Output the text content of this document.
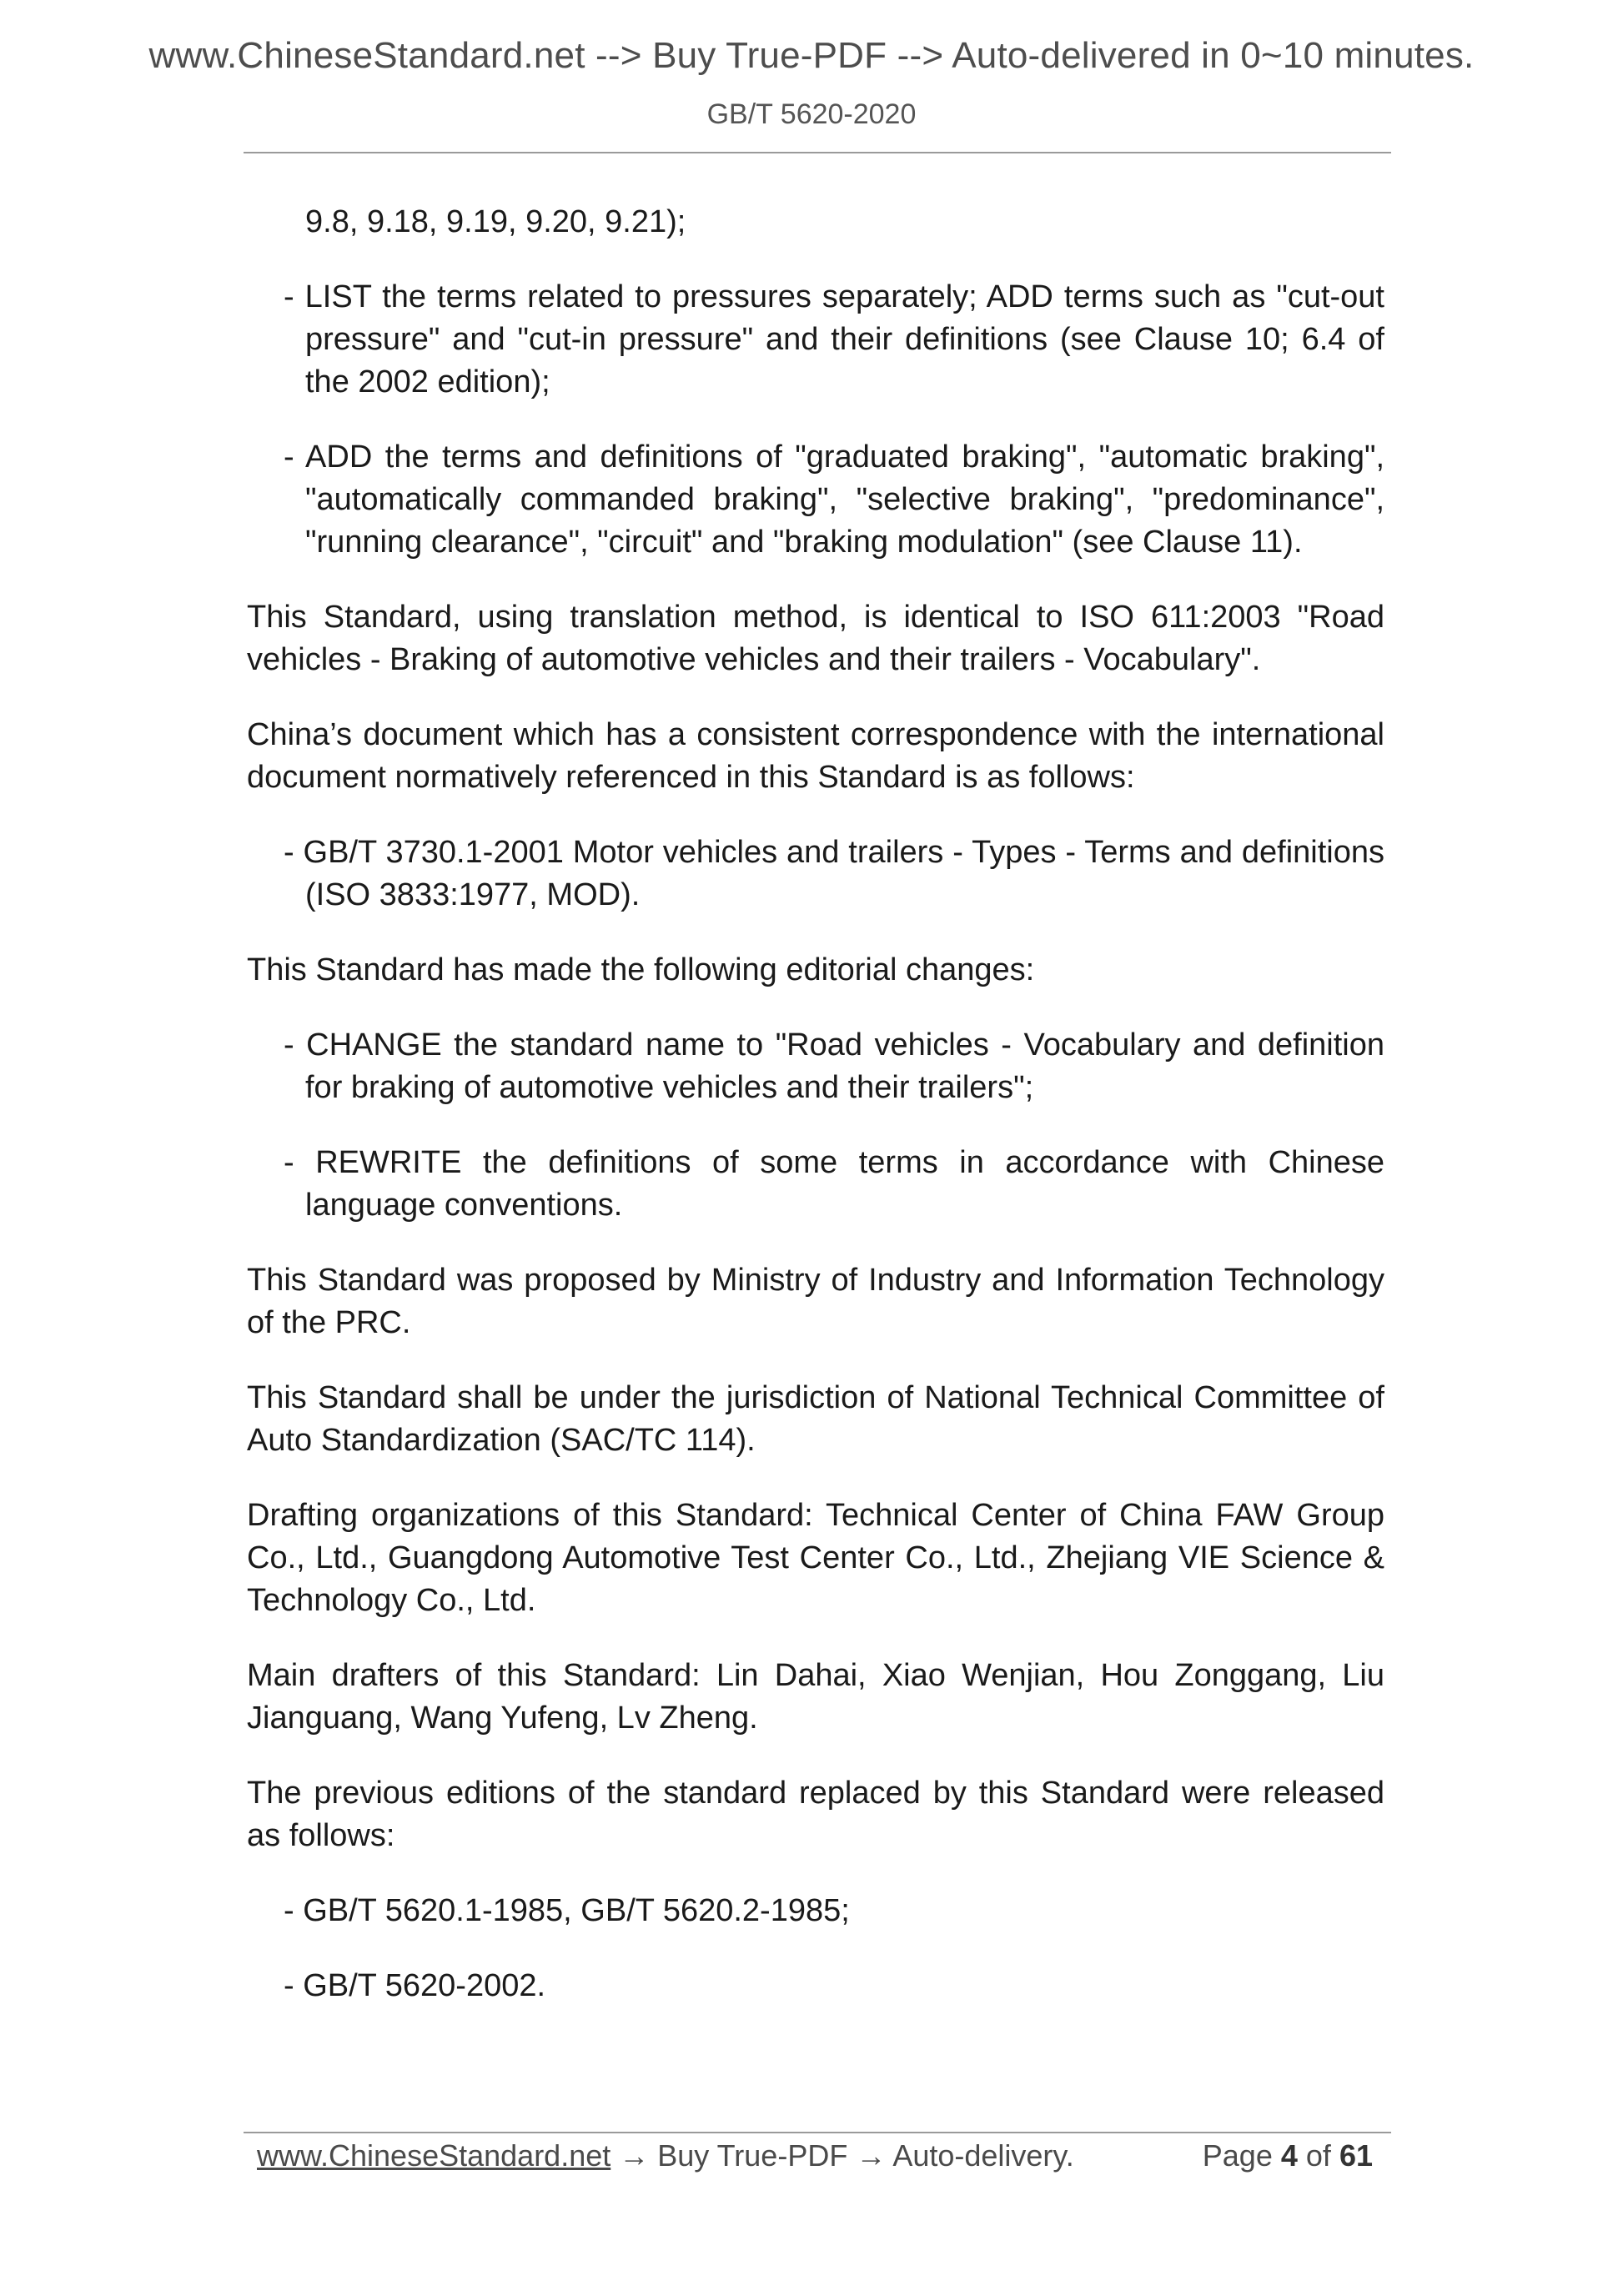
www.ChineseStandard.net --> Buy True-PDF --> Auto-delivered in 0~10 minutes.
GB/T 5620-2020
9.8, 9.18, 9.19, 9.20, 9.21);
- LIST the terms related to pressures separately; ADD terms such as "cut-out pressure" and "cut-in pressure" and their definitions (see Clause 10; 6.4 of the 2002 edition);
- ADD the terms and definitions of "graduated braking", "automatic braking", "automatically commanded braking", "selective braking", "predominance", "running clearance", "circuit" and "braking modulation" (see Clause 11).

This Standard, using translation method, is identical to ISO 611:2003 "Road vehicles - Braking of automotive vehicles and their trailers - Vocabulary".

China’s document which has a consistent correspondence with the international document normatively referenced in this Standard is as follows:

- GB/T 3730.1-2001 Motor vehicles and trailers - Types - Terms and definitions (ISO 3833:1977, MOD).

This Standard has made the following editorial changes:

- CHANGE the standard name to "Road vehicles - Vocabulary and definition for braking of automotive vehicles and their trailers";
- REWRITE the definitions of some terms in accordance with Chinese language conventions.

This Standard was proposed by Ministry of Industry and Information Technology of the PRC.

This Standard shall be under the jurisdiction of National Technical Committee of Auto Standardization (SAC/TC 114).

Drafting organizations of this Standard: Technical Center of China FAW Group Co., Ltd., Guangdong Automotive Test Center Co., Ltd., Zhejiang VIE Science & Technology Co., Ltd.

Main drafters of this Standard: Lin Dahai, Xiao Wenjian, Hou Zonggang, Liu Jianguang, Wang Yufeng, Lv Zheng.

The previous editions of the standard replaced by this Standard were released as follows:

- GB/T 5620.1-1985, GB/T 5620.2-1985;
- GB/T 5620-2002.
www.ChineseStandard.net → Buy True-PDF → Auto-delivery.	Page 4 of 61
